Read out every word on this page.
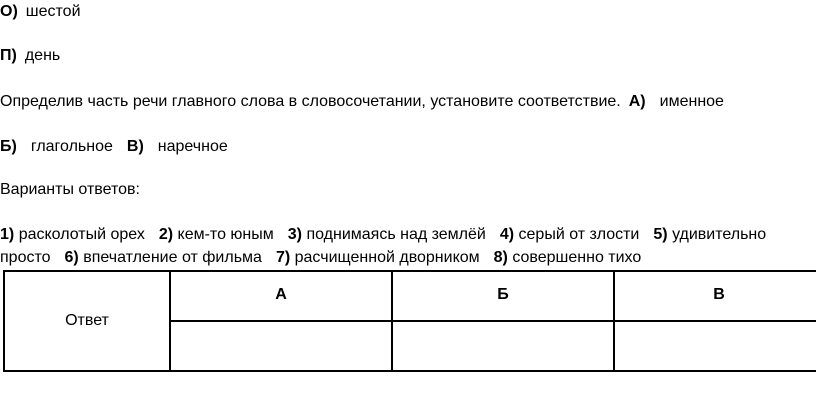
О) шестой
П) день
Определив часть речи главного слова в словосочетании, установите соответствие. А) именное
Б) глагольное В) наречное
Варианты ответов:
1) расколотый орех 2) кем-то юным 3) поднимаясь над землёй 4) серый от злости 5) удивительно
просто 6) впечатление от фильма 7) расчищенной дворником 8) совершенно тихо
Ответ	А	Б	В
